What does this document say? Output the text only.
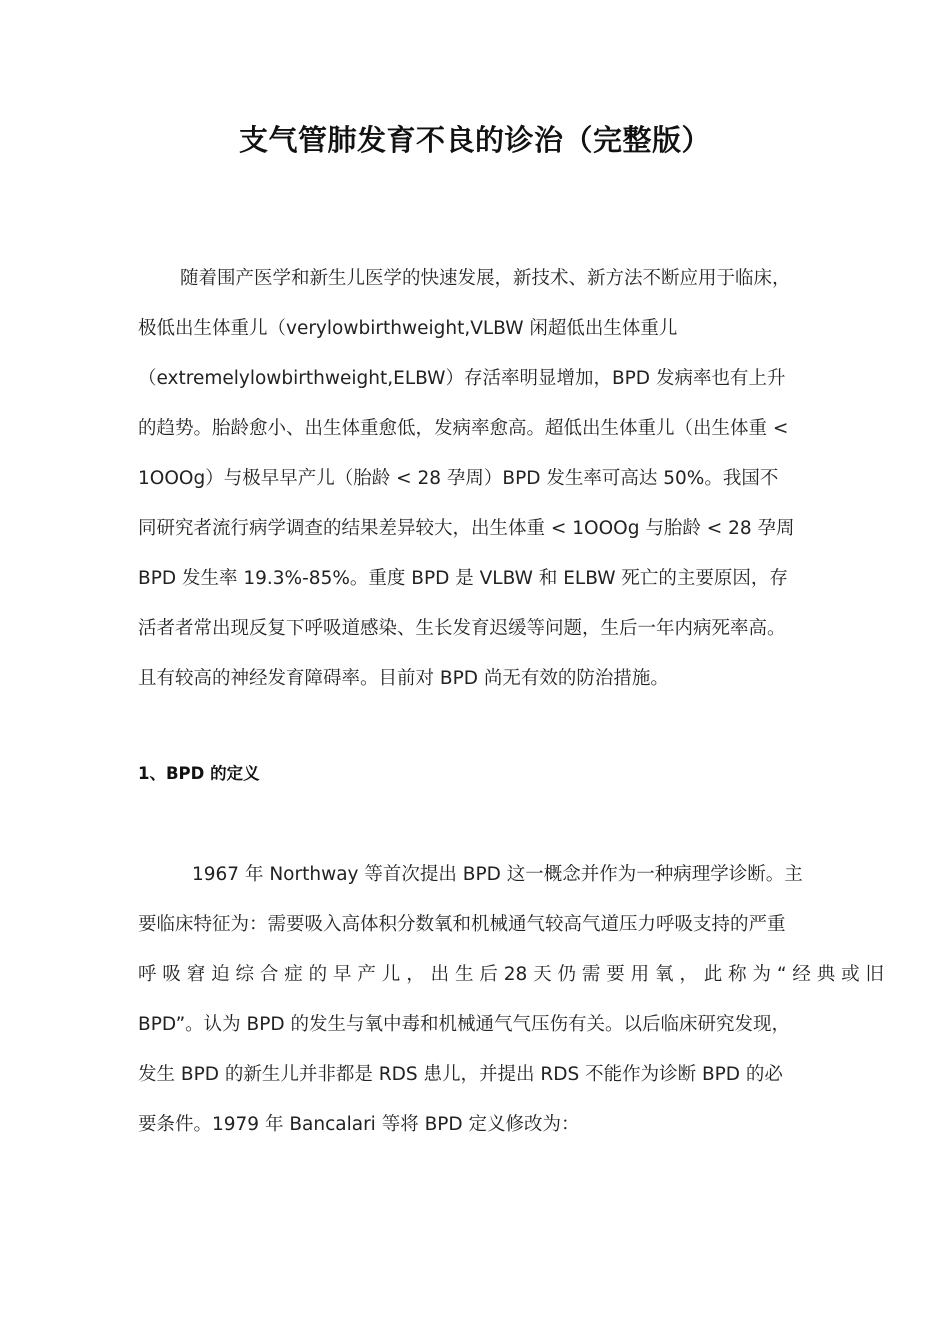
支气管肺发育不良的诊治（完整版）
随着围产医学和新生儿医学的快速发展，新技术、新方法不断应用于临床，
极低出生体重儿（verylowbirthweight,VLBW 闲超低出生体重儿
（extremelylowbirthweight,ELBW）存活率明显增加，BPD 发病率也有上升
的趋势。胎龄愈小、出生体重愈低，发病率愈高。超低出生体重儿（出生体重 <
1OOOg）与极早早产儿（胎龄 < 28 孕周）BPD 发生率可高达 50%。我国不
同研究者流行病学调查的结果差异较大，出生体重 < 1OOOg 与胎龄 < 28 孕周
BPD 发生率 19.3%-85%。重度 BPD 是 VLBW 和 ELBW 死亡的主要原因，存
活者者常出现反复下呼吸道感染、生长发育迟缓等问题，生后一年内病死率高。
且有较高的神经发育障碍率。目前对 BPD 尚无有效的防治措施。
1、BPD 的定义
1967 年 Northway 等首次提出 BPD 这一概念并作为一种病理学诊断。主
要临床特征为：需要吸入高体积分数氧和机械通气较高气道压力呼吸支持的严重
呼 吸 窘 迫 综 合 症 的 早 产 儿 ， 出 生 后 28 天 仍 需 要 用 氧 ， 此 称 为 “ 经 典 或 旧
BPD”。认为 BPD 的发生与氧中毒和机械通气气压伤有关。以后临床研究发现，
发生 BPD 的新生儿并非都是 RDS 患儿，并提出 RDS 不能作为诊断 BPD 的必
要条件。1979 年 Bancalari 等将 BPD 定义修改为：
